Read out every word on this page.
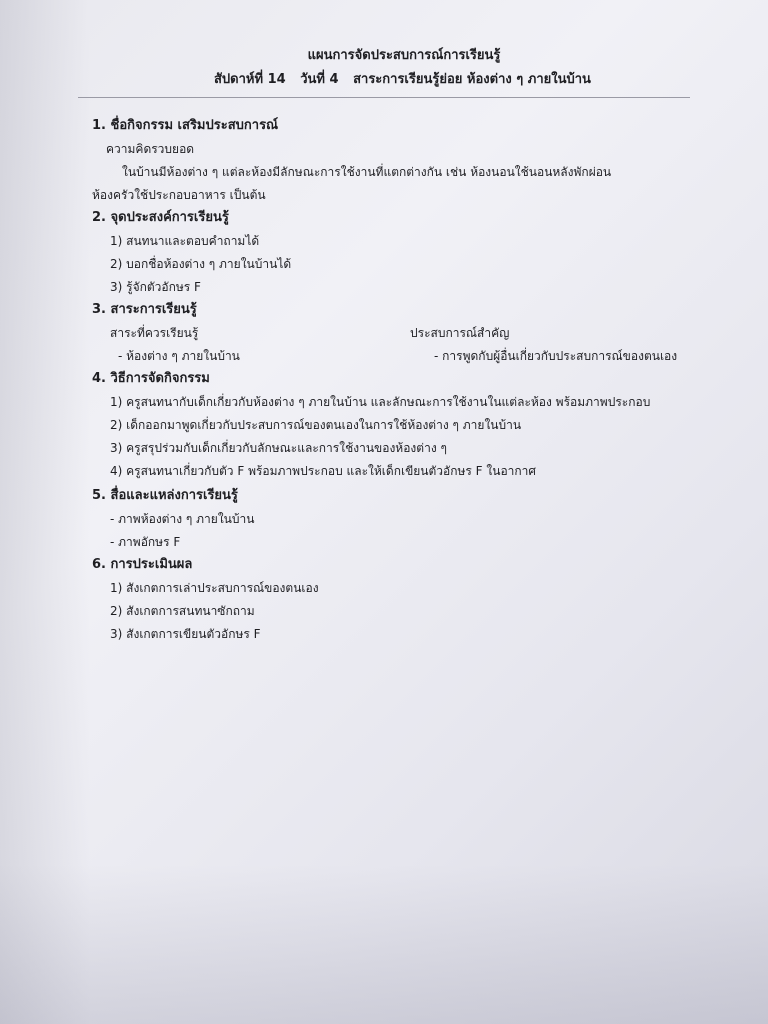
แผนการจัดประสบการณ์การเรียนรู้
สัปดาห์ที่ 14 วันที่ 4 สาระการเรียนรู้ย่อย ห้องต่าง ๆ ภายในบ้าน
1. ชื่อกิจกรรม เสริมประสบการณ์
ความคิดรวบยอด
ในบ้านมีห้องต่าง ๆ แต่ละห้องมีลักษณะการใช้งานที่แตกต่างกัน เช่น ห้องนอนใช้นอนหลังพักผ่อน
ห้องครัวใช้ประกอบอาหาร เป็นต้น
2. จุดประสงค์การเรียนรู้
1) สนทนาและตอบคำถามได้
2) บอกชื่อห้องต่าง ๆ ภายในบ้านได้
3) รู้จักตัวอักษร F
3. สาระการเรียนรู้
สาระที่ควรเรียนรู้	ประสบการณ์สำคัญ
- ห้องต่าง ๆ ภายในบ้าน	- การพูดกับผู้อื่นเกี่ยวกับประสบการณ์ของตนเอง
4. วิธีการจัดกิจกรรม
1) ครูสนทนากับเด็กเกี่ยวกับห้องต่าง ๆ ภายในบ้าน และลักษณะการใช้งานในแต่ละห้อง พร้อมภาพประกอบ
2) เด็กออกมาพูดเกี่ยวกับประสบการณ์ของตนเองในการใช้ห้องต่าง ๆ ภายในบ้าน
3) ครูสรุปร่วมกับเด็กเกี่ยวกับลักษณะและการใช้งานของห้องต่าง ๆ
4) ครูสนทนาเกี่ยวกับตัว F พร้อมภาพประกอบ และให้เด็กเขียนตัวอักษร F ในอากาศ
5. สื่อและแหล่งการเรียนรู้
- ภาพห้องต่าง ๆ ภายในบ้าน
- ภาพอักษร F
6. การประเมินผล
1) สังเกตการเล่าประสบการณ์ของตนเอง
2) สังเกตการสนทนาซักถาม
3) สังเกตการเขียนตัวอักษร F
